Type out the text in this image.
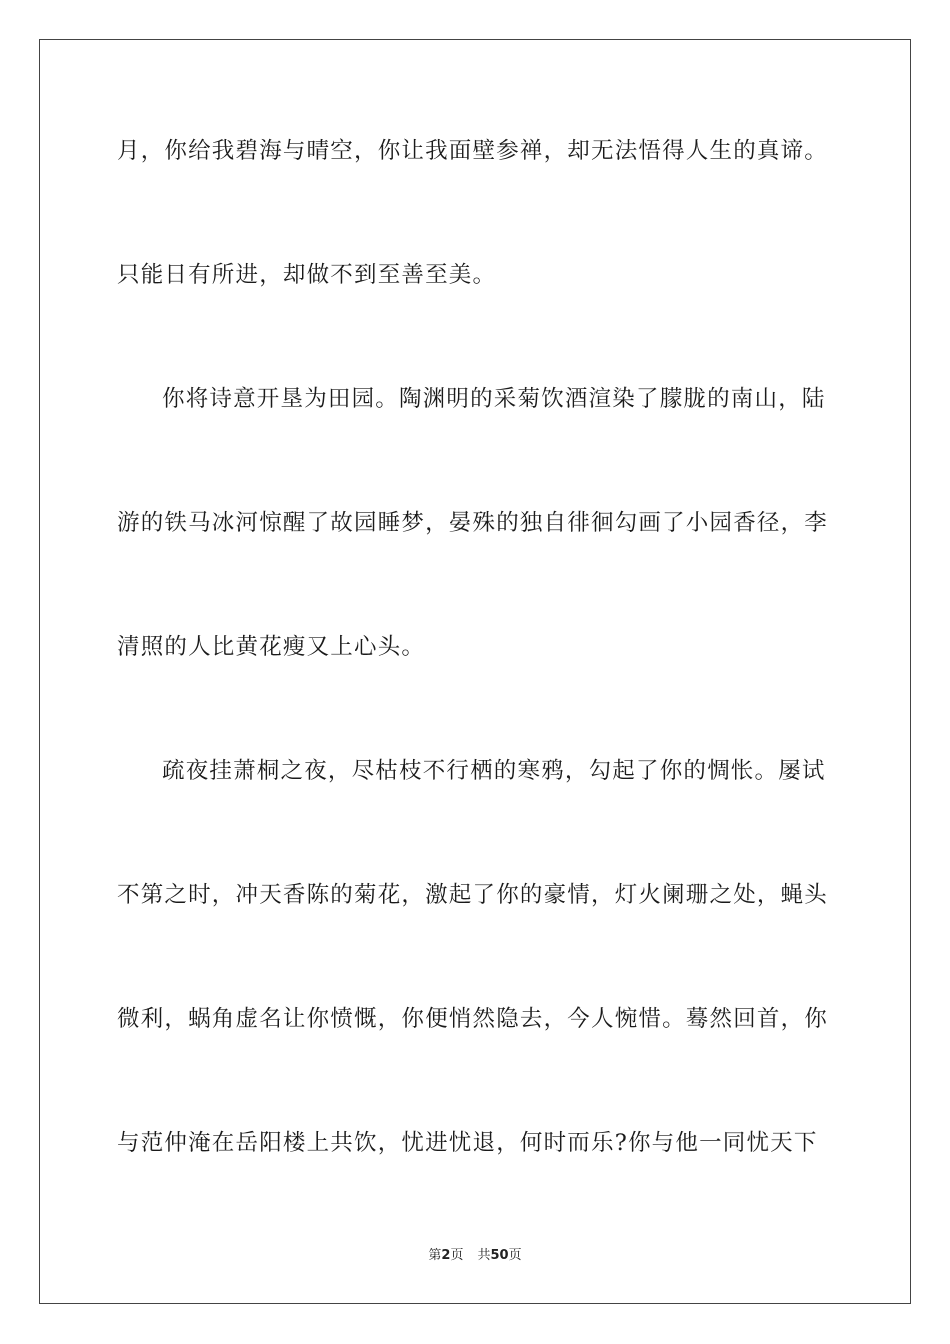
月，你给我碧海与晴空，你让我面壁参禅，却无法悟得人生的真谛。
只能日有所进，却做不到至善至美。
你将诗意开垦为田园。陶渊明的采菊饮酒渲染了朦胧的南山，陆
游的铁马冰河惊醒了故园睡梦，晏殊的独自徘徊勾画了小园香径，李
清照的人比黄花瘦又上心头。
疏夜挂萧桐之夜，尽枯枝不行栖的寒鸦，勾起了你的惆怅。屡试
不第之时，冲天香陈的菊花，激起了你的豪情，灯火阑珊之处，蝇头
微利，蜗角虚名让你愤慨，你便悄然隐去，今人惋惜。蓦然回首，你
与范仲淹在岳阳楼上共饮，忧进忧退，何时而乐?你与他一同忧天下
第2页 共50页
